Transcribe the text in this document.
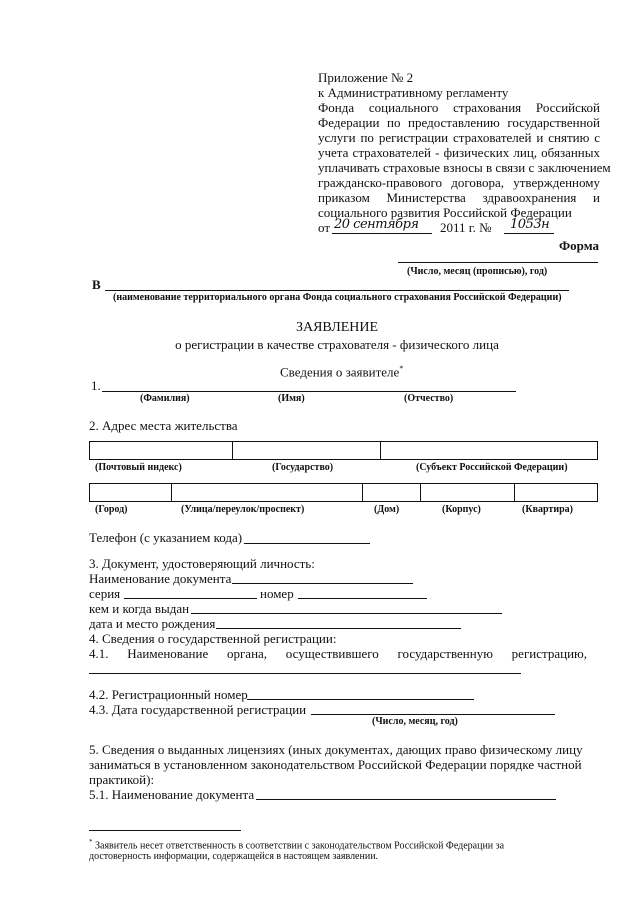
Приложение № 2
к Административному регламенту
Фонда социального страхования Российской
Федерации по предоставлению государственной
услуги по регистрации страхователей и снятию с
учета страхователей - физических лиц, обязанных
уплачивать страховые взносы в связи с заключением
гражданско-правового договора, утвержденному
приказом Министерства здравоохранения и
социального развития Российской Федерации
от 20 сентября 2011 г. № 1053н
Форма
(Число, месяц (прописью), год)
В
(наименование территориального органа Фонда социального страхования Российской Федерации)
ЗАЯВЛЕНИЕ
о регистрации в качестве страхователя - физического лица
Сведения о заявителе*
1.
(Фамилия)	(Имя)	(Отчество)
2. Адрес места жительства
(Почтовый индекс)	(Государство)	(Субъект Российской Федерации)
(Город)	(Улица/переулок/проспект)	(Дом)	(Корпус)	(Квартира)
Телефон (с указанием кода)
3. Документ, удостоверяющий личность:
Наименование документа
серия	номер
кем и когда выдан
дата и место рождения
4. Сведения о государственной регистрации:
4.1. Наименование органа, осуществившего государственную регистрацию,
4.2. Регистрационный номер
4.3. Дата государственной регистрации
(Число, месяц, год)
5. Сведения о выданных лицензиях (иных документах, дающих право физическому лицу
заниматься в установленном законодательством Российской Федерации порядке частной
практикой):
5.1. Наименование документа
* Заявитель несет ответственность в соответствии с законодательством Российской Федерации за
достоверность информации, содержащейся в настоящем заявлении.
